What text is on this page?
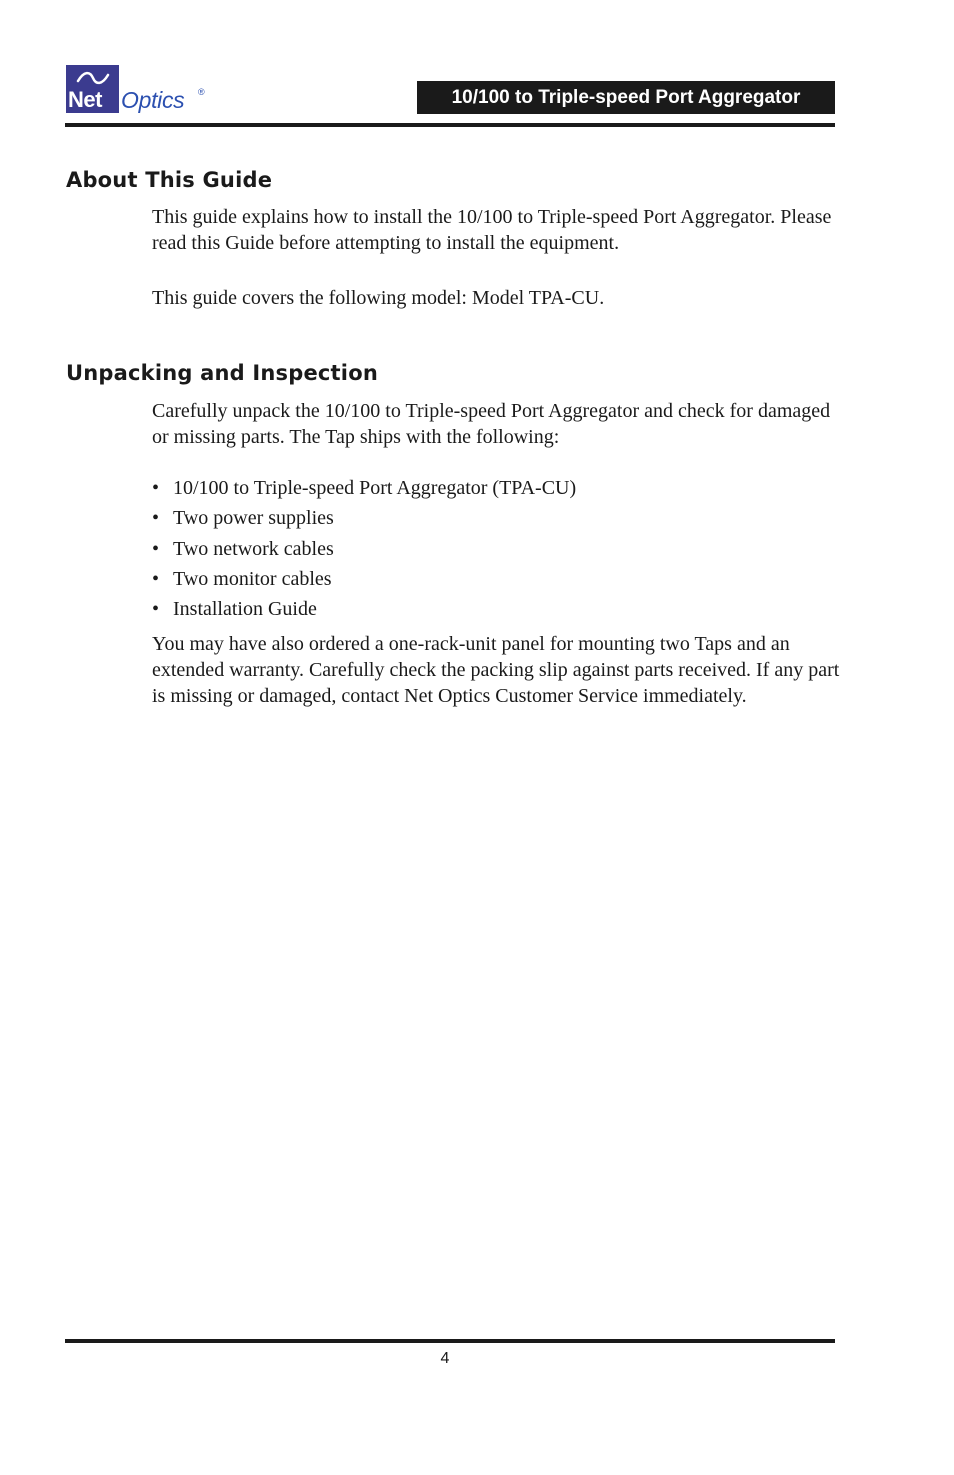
Net Optics ®	10/100 to Triple-speed Port Aggregator
About This Guide

This guide explains how to install the 10/100 to Triple-speed Port Aggregator. Please read this Guide before attempting to install the equipment.

This guide covers the following model: Model TPA-CU.

Unpacking and Inspection

Carefully unpack the 10/100 to Triple-speed Port Aggregator and check for damaged or missing parts. The Tap ships with the following:

• 10/100 to Triple-speed Port Aggregator (TPA-CU)
• Two power supplies
• Two network cables
• Two monitor cables
• Installation Guide

You may have also ordered a one-rack-unit panel for mounting two Taps and an extended warranty. Carefully check the packing slip against parts received. If any part is missing or damaged, contact Net Optics Customer Service immediately.

4
